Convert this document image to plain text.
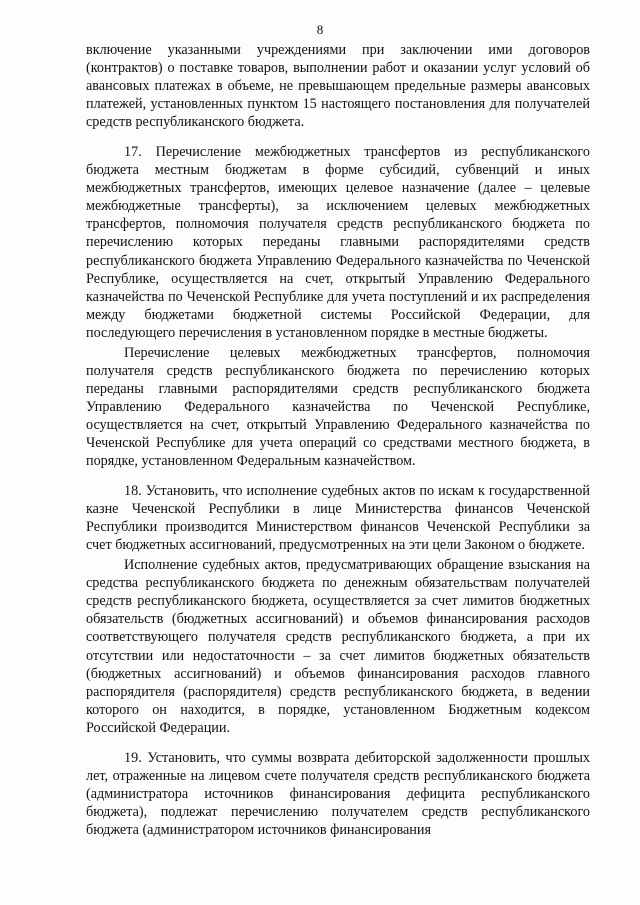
8

включение указанными учреждениями при заключении ими договоров (контрактов) о поставке товаров, выполнении работ и оказании услуг условий об авансовых платежах в объеме, не превышающем предельные размеры авансовых платежей, установленных пунктом 15 настоящего постановления для получателей средств республиканского бюджета.

17. Перечисление межбюджетных трансфертов из республиканского бюджета местным бюджетам в форме субсидий, субвенций и иных межбюджетных трансфертов, имеющих целевое назначение (далее – целевые межбюджетные трансферты), за исключением целевых межбюджетных трансфертов, полномочия получателя средств республиканского бюджета по перечислению которых переданы главными распорядителями средств республиканского бюджета Управлению Федерального казначейства по Чеченской Республике, осуществляется на счет, открытый Управлению Федерального казначейства по Чеченской Республике для учета поступлений и их распределения между бюджетами бюджетной системы Российской Федерации, для последующего перечисления в установленном порядке в местные бюджеты.

Перечисление целевых межбюджетных трансфертов, полномочия получателя средств республиканского бюджета по перечислению которых переданы главными распорядителями средств республиканского бюджета Управлению Федерального казначейства по Чеченской Республике, осуществляется на счет, открытый Управлению Федерального казначейства по Чеченской Республике для учета операций со средствами местного бюджета, в порядке, установленном Федеральным казначейством.

18. Установить, что исполнение судебных актов по искам к государственной казне Чеченской Республики в лице Министерства финансов Чеченской Республики производится Министерством финансов Чеченской Республики за счет бюджетных ассигнований, предусмотренных на эти цели Законом о бюджете.

Исполнение судебных актов, предусматривающих обращение взыскания на средства республиканского бюджета по денежным обязательствам получателей средств республиканского бюджета, осуществляется за счет лимитов бюджетных обязательств (бюджетных ассигнований) и объемов финансирования расходов соответствующего получателя средств республиканского бюджета, а при их отсутствии или недостаточности – за счет лимитов бюджетных обязательств (бюджетных ассигнований) и объемов финансирования расходов главного распорядителя (распорядителя) средств республиканского бюджета, в ведении которого он находится, в порядке, установленном Бюджетным кодексом Российской Федерации.

19. Установить, что суммы возврата дебиторской задолженности прошлых лет, отраженные на лицевом счете получателя средств республиканского бюджета (администратора источников финансирования дефицита республиканского бюджета), подлежат перечислению получателем средств республиканского бюджета (администратором источников финансирования
